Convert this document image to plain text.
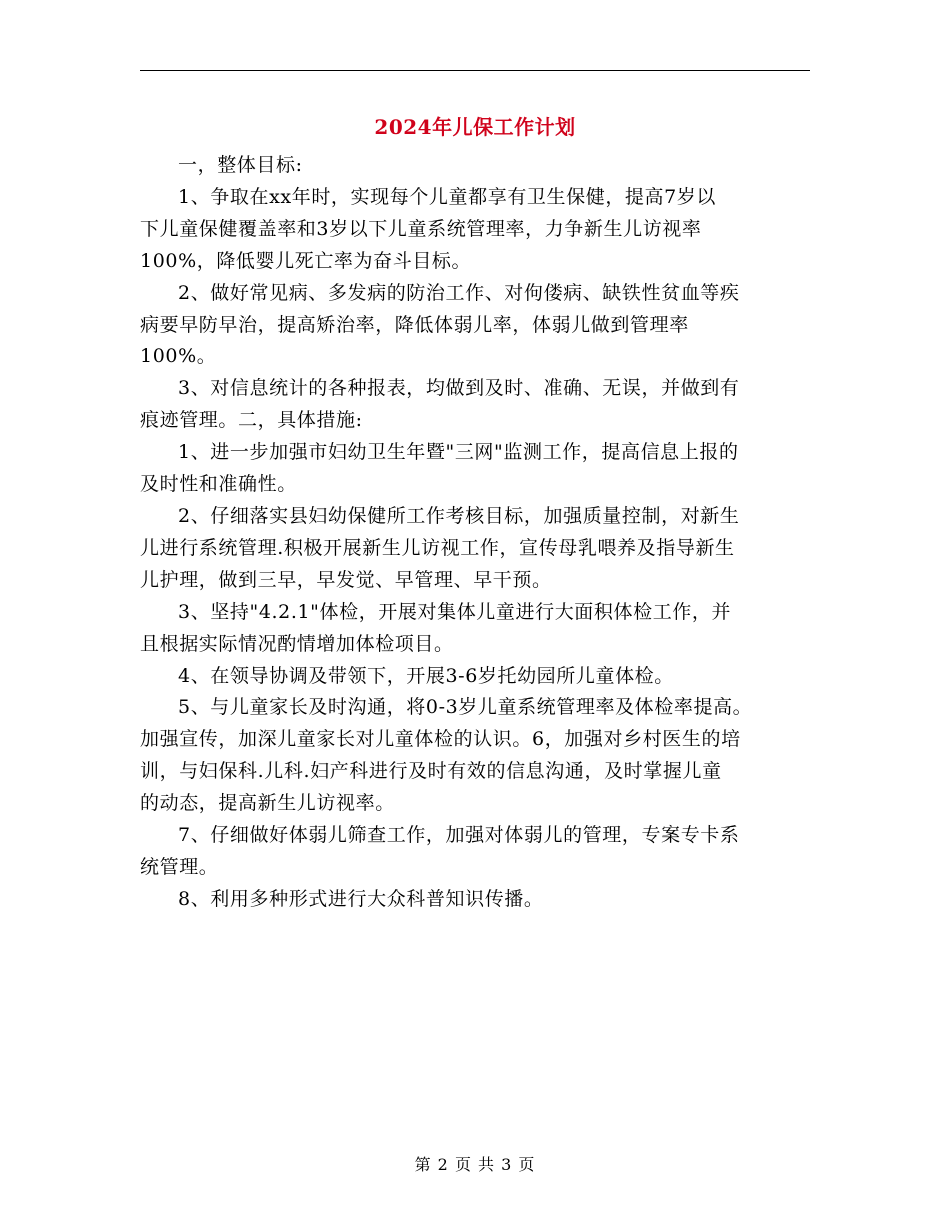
2024年儿保工作计划

一，整体目标:

1、争取在xx年时，实现每个儿童都享有卫生保健，提高7岁以
下儿童保健覆盖率和3岁以下儿童系统管理率，力争新生儿访视率
100%，降低婴儿死亡率为奋斗目标。

2、做好常见病、多发病的防治工作、对佝偻病、缺铁性贫血等疾
病要早防早治，提高矫治率，降低体弱儿率，体弱儿做到管理率
100%。

3、对信息统计的各种报表，均做到及时、准确、无误，并做到有
痕迹管理。二，具体措施:

1、进一步加强市妇幼卫生年暨"三网"监测工作，提高信息上报的
及时性和准确性。

2、仔细落实县妇幼保健所工作考核目标，加强质量控制，对新生
儿进行系统管理.积极开展新生儿访视工作，宣传母乳喂养及指导新生
儿护理，做到三早，早发觉、早管理、早干预。

3、坚持"4.2.1"体检，开展对集体儿童进行大面积体检工作，并
且根据实际情况酌情增加体检项目。

4、在领导协调及带领下，开展3-6岁托幼园所儿童体检。

5、与儿童家长及时沟通，将0-3岁儿童系统管理率及体检率提高。
加强宣传，加深儿童家长对儿童体检的认识。6，加强对乡村医生的培
训，与妇保科.儿科.妇产科进行及时有效的信息沟通，及时掌握儿童
的动态，提高新生儿访视率。

7、仔细做好体弱儿筛查工作，加强对体弱儿的管理，专案专卡系
统管理。

8、利用多种形式进行大众科普知识传播。

第 2 页 共 3 页
